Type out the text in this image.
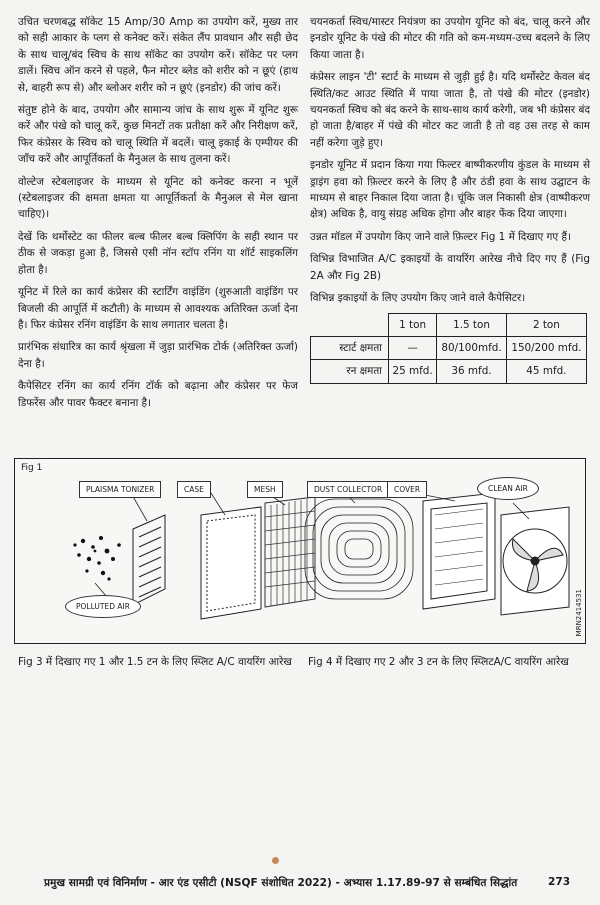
उचित चरणबद्ध सॉकेट 15 Amp/30 Amp का उपयोग करें, मुख्य तार को सही आकार के प्लग से कनेक्ट करें। संकेत लैंप प्रावधान और सही छेद के साथ चालू/बंद स्विच के साथ सॉकेट का उपयोग करें। सॉकेट पर प्लग डालें। स्विच ऑन करने से पहले, फैन मोटर ब्लेड को शरीर को न छूएं (हाथ से, बाहरी रूप से) और ब्लोअर शरीर को न छूएं (इनडोर) की जांच करें।

संतुष्ट होने के बाद, उपयोग और सामान्य जांच के साथ शुरू में यूनिट शुरू करें और पंखे को चालू करें, कुछ मिनटों तक प्रतीक्षा करें और निरीक्षण करें, फिर कंप्रेसर के स्विच को चालू स्थिति में बदलें। चालू इकाई के एम्पीयर की जाँच करें और आपूर्तिकर्ता के मैनुअल के साथ तुलना करें।

वोल्टेज स्टेबलाइजर के माध्यम से यूनिट को कनेक्ट करना न भूलें (स्टेबलाइजर की क्षमता क्षमता या आपूर्तिकर्ता के मैनुअल से मेल खाना चाहिए)।

देखें कि थर्मोस्टेट का फीलर बल्ब फीलर बल्ब क्लिपिंग के सही स्थान पर ठीक से जकड़ा हुआ है, जिससे एसी नॉन स्टॉप रनिंग या शॉर्ट साइकलिंग होता है।

यूनिट में रिले का कार्य कंप्रेसर की स्टार्टिंग वाइंडिंग (शुरुआती वाइंडिंग पर बिजली की आपूर्ति में कटौती) के माध्यम से आवश्यक अतिरिक्त ऊर्जा देना है। फिर कंप्रेसर रनिंग वाइंडिंग के साथ लगातार चलता है।

प्रारंभिक संधारित्र का कार्य श्रृंखला में जुड़ा प्रारंभिक टोर्क (अतिरिक्त ऊर्जा) देना है।

कैपेसिटर रनिंग का कार्य रनिंग टॉर्क को बढ़ाना और कंप्रेसर पर फेज डिफरेंस और पावर फैक्टर बनाना है।

चयनकर्ता स्विच/मास्टर नियंत्रण का उपयोग यूनिट को बंद, चालू करने और इनडोर यूनिट के पंखे की मोटर की गति को कम-मध्यम-उच्च बदलने के लिए किया जाता है।

कंप्रेसर लाइन 'टी' स्टार्ट के माध्यम से जुड़ी हुई है। यदि थर्मोस्टेट केवल बंद स्थिति/कट आउट स्थिति में पाया जाता है, तो पंखे की मोटर (इनडोर) चयनकर्ता स्विच को बंद करने के साथ-साथ कार्य करेगी, जब भी कंप्रेसर बंद हो जाता है/बाहर में पंखे की मोटर कट जाती है तो वह उस तरह से काम नहीं करेगा जुड़े हुए।

इनडोर यूनिट में प्रदान किया गया फिल्टर बाष्पीकरणीय कुंडल के माध्यम से ड्राइंग हवा को फ़िल्टर करने के लिए है और ठंडी हवा के साथ उद्घाटन के माध्यम से बाहर निकाल दिया जाता है। चूंकि जल निकासी क्षेत्र (वाष्पीकरण क्षेत्र) अधिक है, वायु संग्रह अधिक होगा और बाहर फेंक दिया जाएगा।

उन्नत मॉडल में उपयोग किए जाने वाले फ़िल्टर Fig 1 में दिखाए गए हैं।

विभिन्न विभाजित A/C इकाइयों के वायरिंग आरेख नीचे दिए गए हैं (Fig 2A और Fig 2B)

विभिन्न इकाइयों के लिए उपयोग किए जाने वाले कैपेसिटर।

	1 ton	1.5 ton	2 ton
स्टार्ट क्षमता	—	80/100mfd.	150/200 mfd.
रन क्षमता	25 mfd.	36 mfd.	45 mfd.
Fig 1
PLAISMA TONIZER	CASE	MESH	DUST COLLECTOR	COVER	CLEAN AIR
POLLUTED AIR	MRN2414531
Fig 3 में दिखाए गए 1 और 1.5 टन के लिए स्प्लिट A/C वायरिंग आरेख Fig 4 में दिखाए गए 2 और 3 टन के लिए स्प्लिटA/C वायरिंग आरेख
प्रमुख सामग्री एवं विनिर्माण - आर एंड एसीटी (NSQF संशोधित 2022) - अभ्यास 1.17.89-97 से सम्बंधित सिद्धांत	273
